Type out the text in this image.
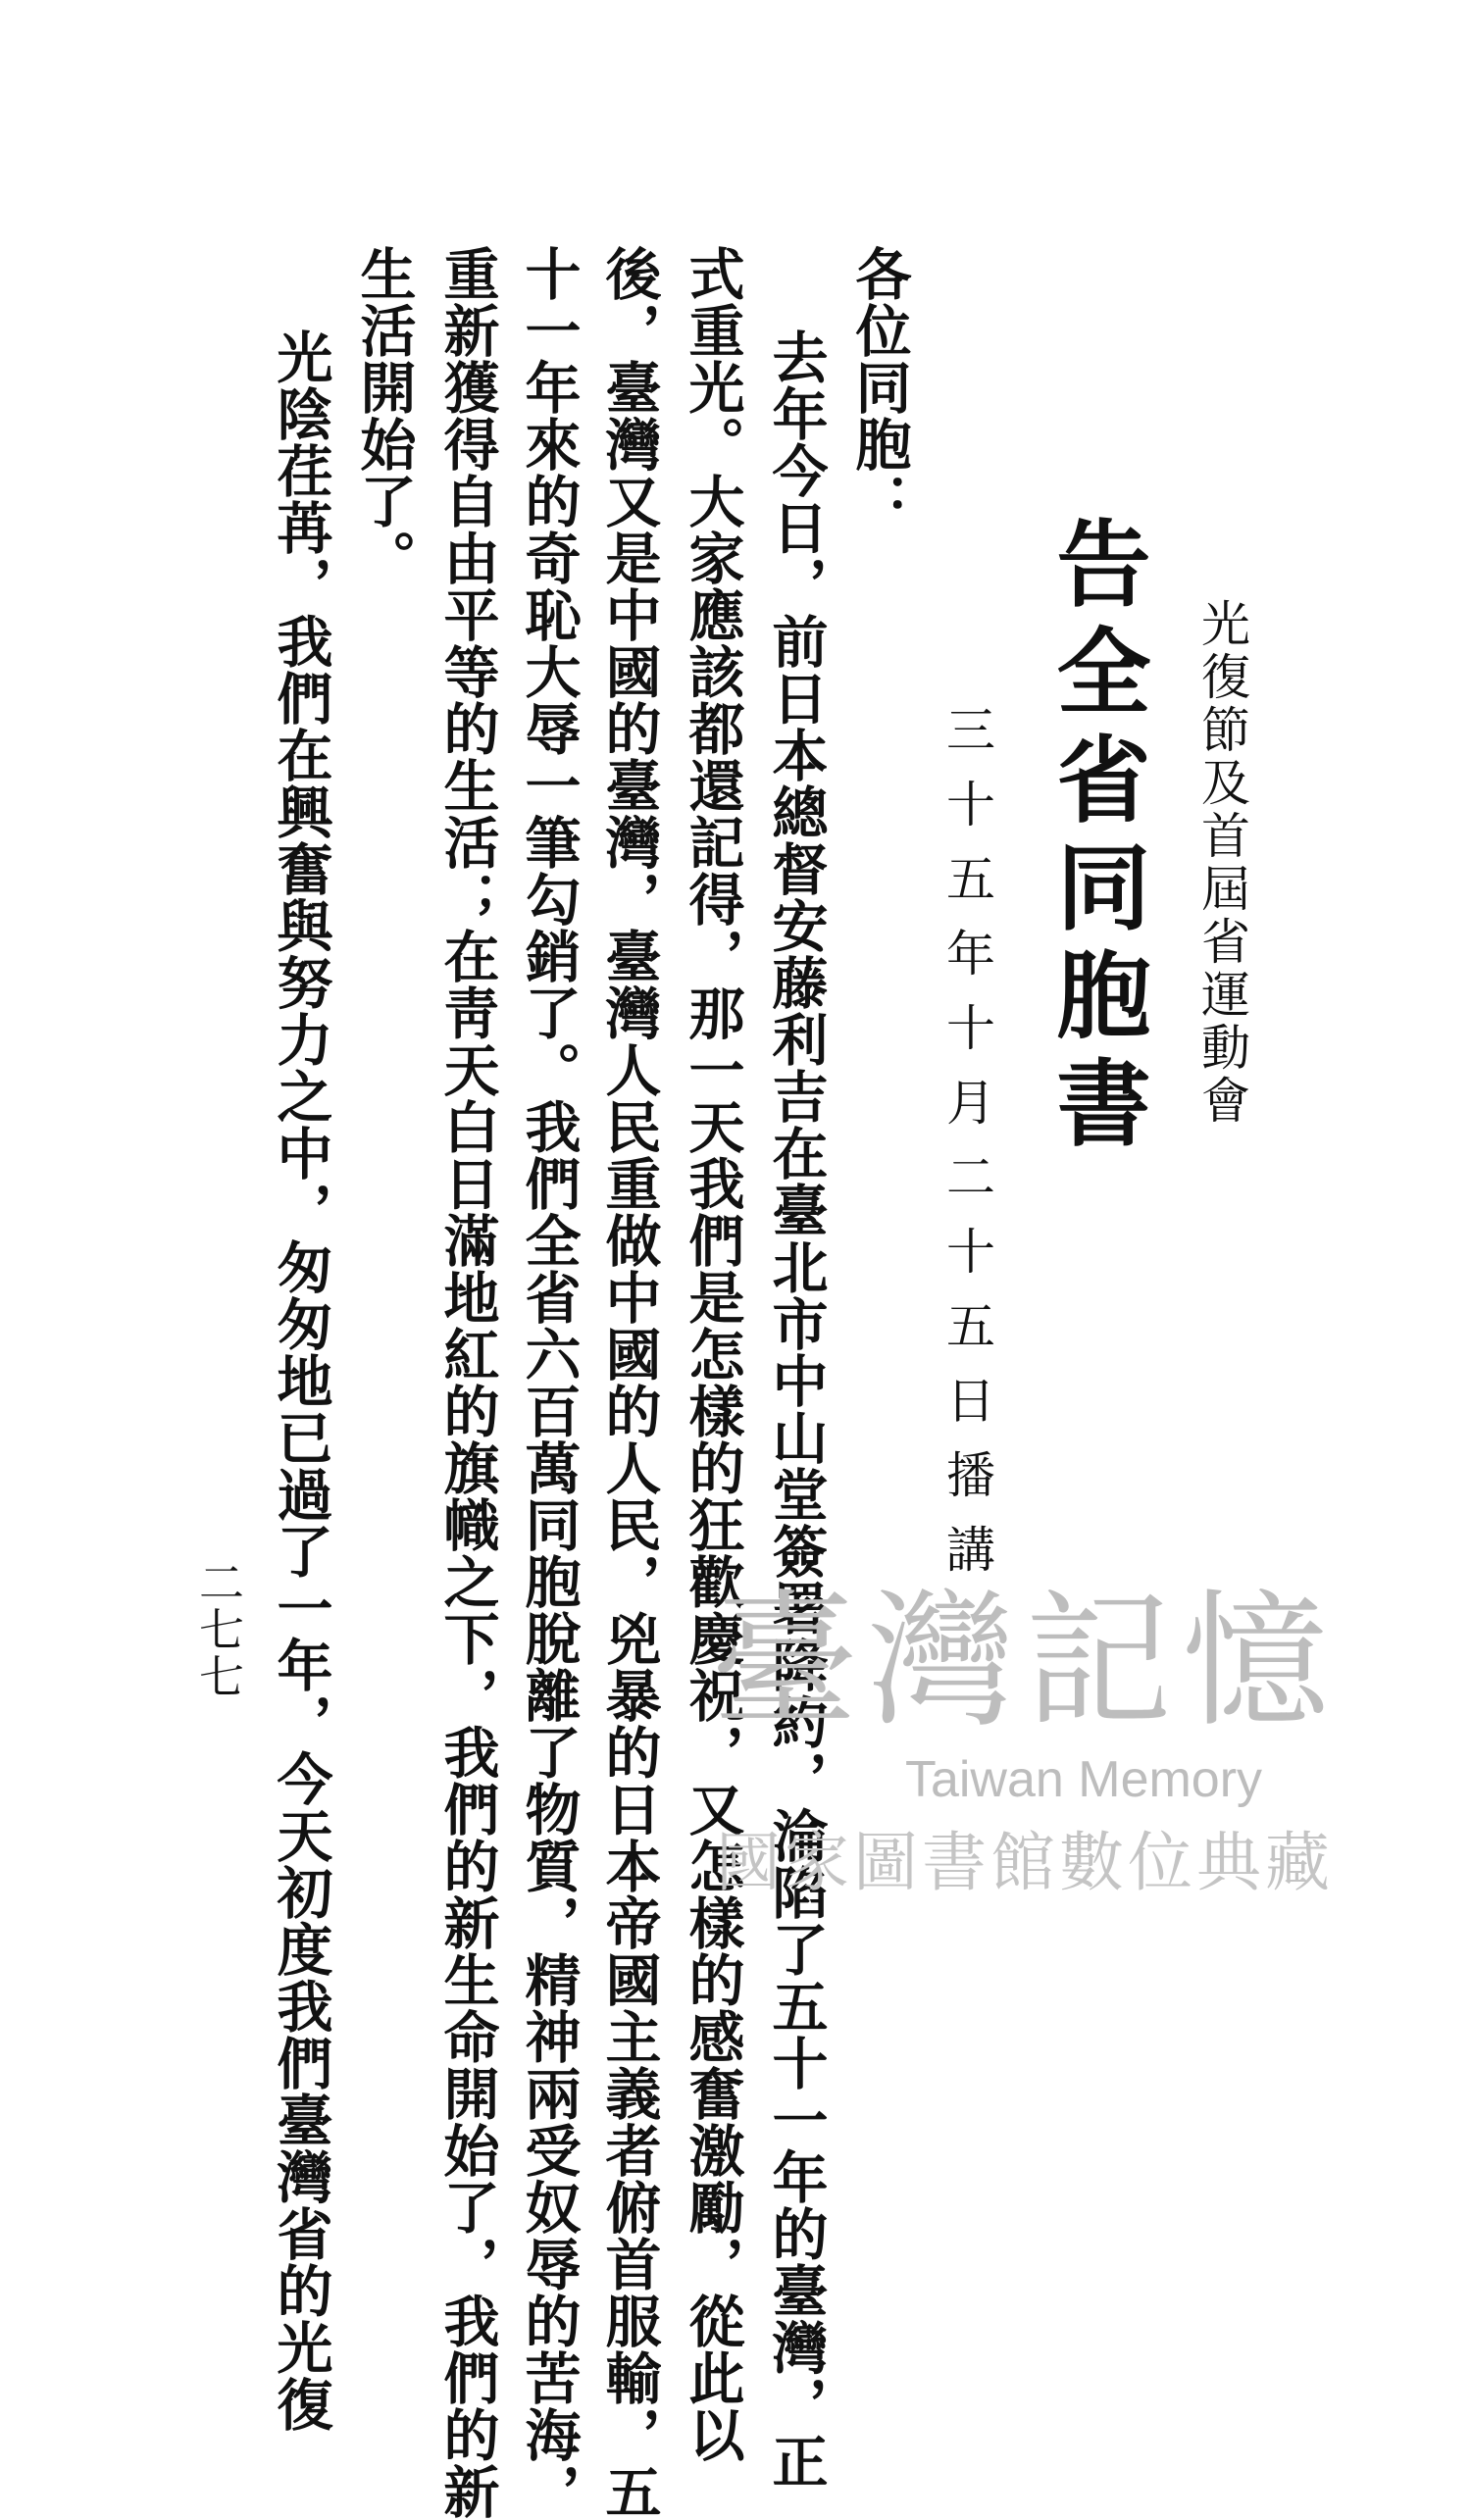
光復節及首屆省運動會
告全省同胞書
三十五年十月二十五日播講
各位同胞：
去年今日，前日本總督安藤利吉在臺北市中山堂簽署降約，淪陷了五十一年的臺灣，正
式重光。大家應該都還記得，那一天我們是怎樣的狂歡慶祝，又怎樣的感奮激勵，從此以
後，臺灣又是中國的臺灣，臺灣人民重做中國的人民，兇暴的日本帝國主義者俯首服輸，五
十一年來的奇恥大辱一筆勾銷了。我們全省六百萬同胞脫離了物質，精神兩受奴辱的苦海，
重新獲得自由平等的生活；在靑天白日滿地紅的旗幟之下，我們的新生命開始了，我們的新
生活開始了。
光陰荏苒，我們在興奮與努力之中，匆匆地已過了一年，今天初度我們臺灣省的光復
二七七	臺灣記憶
Taiwan Memory
國家圖書館數位典藏
